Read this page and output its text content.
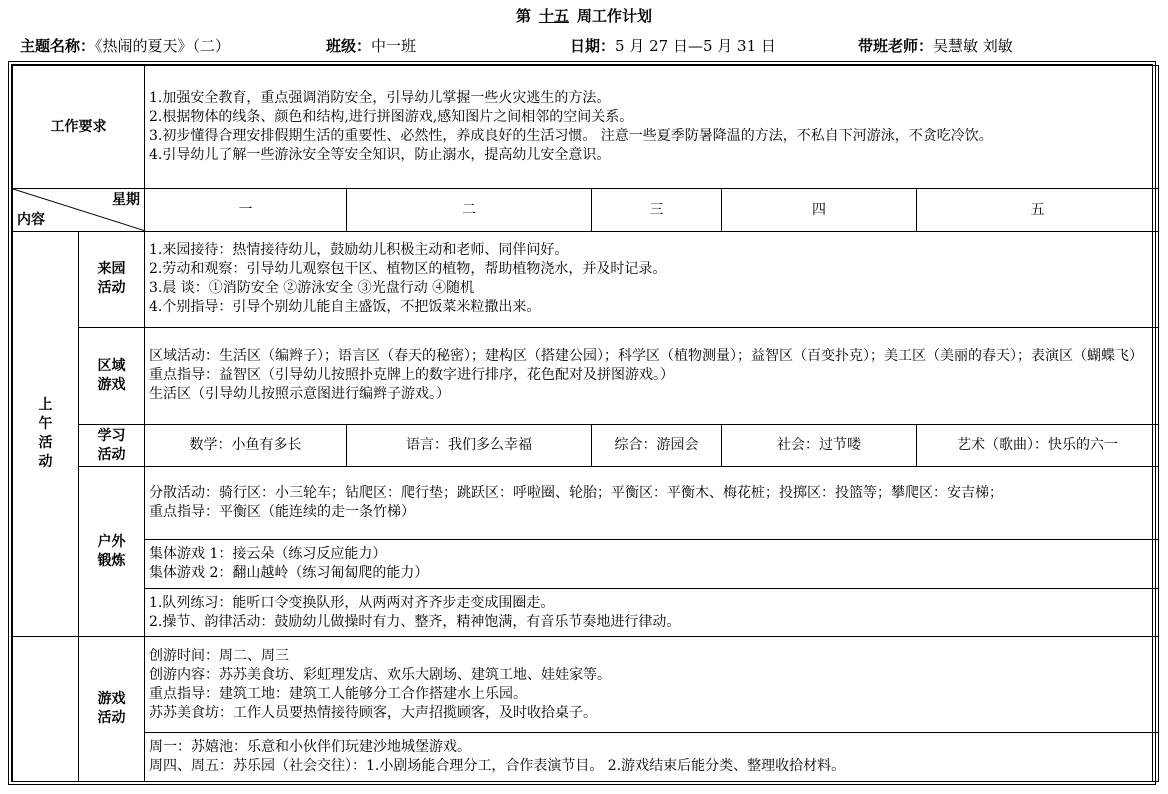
第 十五 周工作计划
主题名称：《热闹的夏天》（二）	班级：中一班	日期：5 月 27 日—5 月 31 日	带班老师：吴慧敏 刘敏
工作要求		1.加强安全教育，重点强调消防安全，引导幼儿掌握一些火灾逃生的方法。
2.根据物体的线条、颜色和结构,进行拼图游戏,感知图片之间相邻的空间关系。
3.初步懂得合理安排假期生活的重要性、必然性，养成良好的生活习惯。 注意一些夏季防暑降温的方法，不私自下河游泳，不贪吃冷饮。
4.引导幼儿了解一些游泳安全等安全知识，防止溺水，提高幼儿安全意识。				

星期
内容		一	二	三	四	五
上
午
活
动	来园
活动	1.来园接待：热情接待幼儿，鼓励幼儿积极主动和老师、同伴问好。
2.劳动和观察：引导幼儿观察包干区、植物区的植物，帮助植物浇水，并及时记录。
3.晨 谈：①消防安全 ②游泳安全 ③光盘行动 ④随机
4.个别指导：引导个别幼儿能自主盛饭，不把饭菜米粒撒出来。				
	区域
游戏	区域活动：生活区（编辫子）；语言区（春天的秘密）；建构区（搭建公园）；科学区（植物测量）；益智区（百变扑克）；美工区（美丽的春天）；表演区（蝴蝶飞）
重点指导：益智区（引导幼儿按照扑克牌上的数字进行排序，花色配对及拼图游戏。）
生活区（引导幼儿按照示意图进行编辫子游戏。）				
	学习
活动	数学：小鱼有多长	语言：我们多么幸福	综合：游园会	社会：过节喽	艺术（歌曲）：快乐的六一
	户外
锻炼	分散活动：骑行区：小三轮车；钻爬区：爬行垫；跳跃区：呼啦圈、轮胎；平衡区：平衡木、梅花桩；投掷区：投篮等；攀爬区：安吉梯；
重点指导：平衡区（能连续的走一条竹梯）				
		集体游戏 1：接云朵（练习反应能力）
集体游戏 2：翻山越岭（练习匍匐爬的能力）				
		1.队列练习：能听口令变换队形，从两两对齐齐步走变成围圈走。
2.操节、韵律活动：鼓励幼儿做操时有力、整齐，精神饱满，有音乐节奏地进行律动。				
	游戏
活动	创游时间：周二、周三
创游内容：苏苏美食坊、彩虹理发店、欢乐大剧场、建筑工地、娃娃家等。
重点指导：建筑工地：建筑工人能够分工合作搭建水上乐园。
苏苏美食坊：工作人员要热情接待顾客，大声招揽顾客，及时收拾桌子。				
		周一：苏嬉池：乐意和小伙伴们玩建沙地城堡游戏。
周四、周五：苏乐园（社会交往）：1.小剧场能合理分工，合作表演节目。 2.游戏结束后能分类、整理收拾材料。				
